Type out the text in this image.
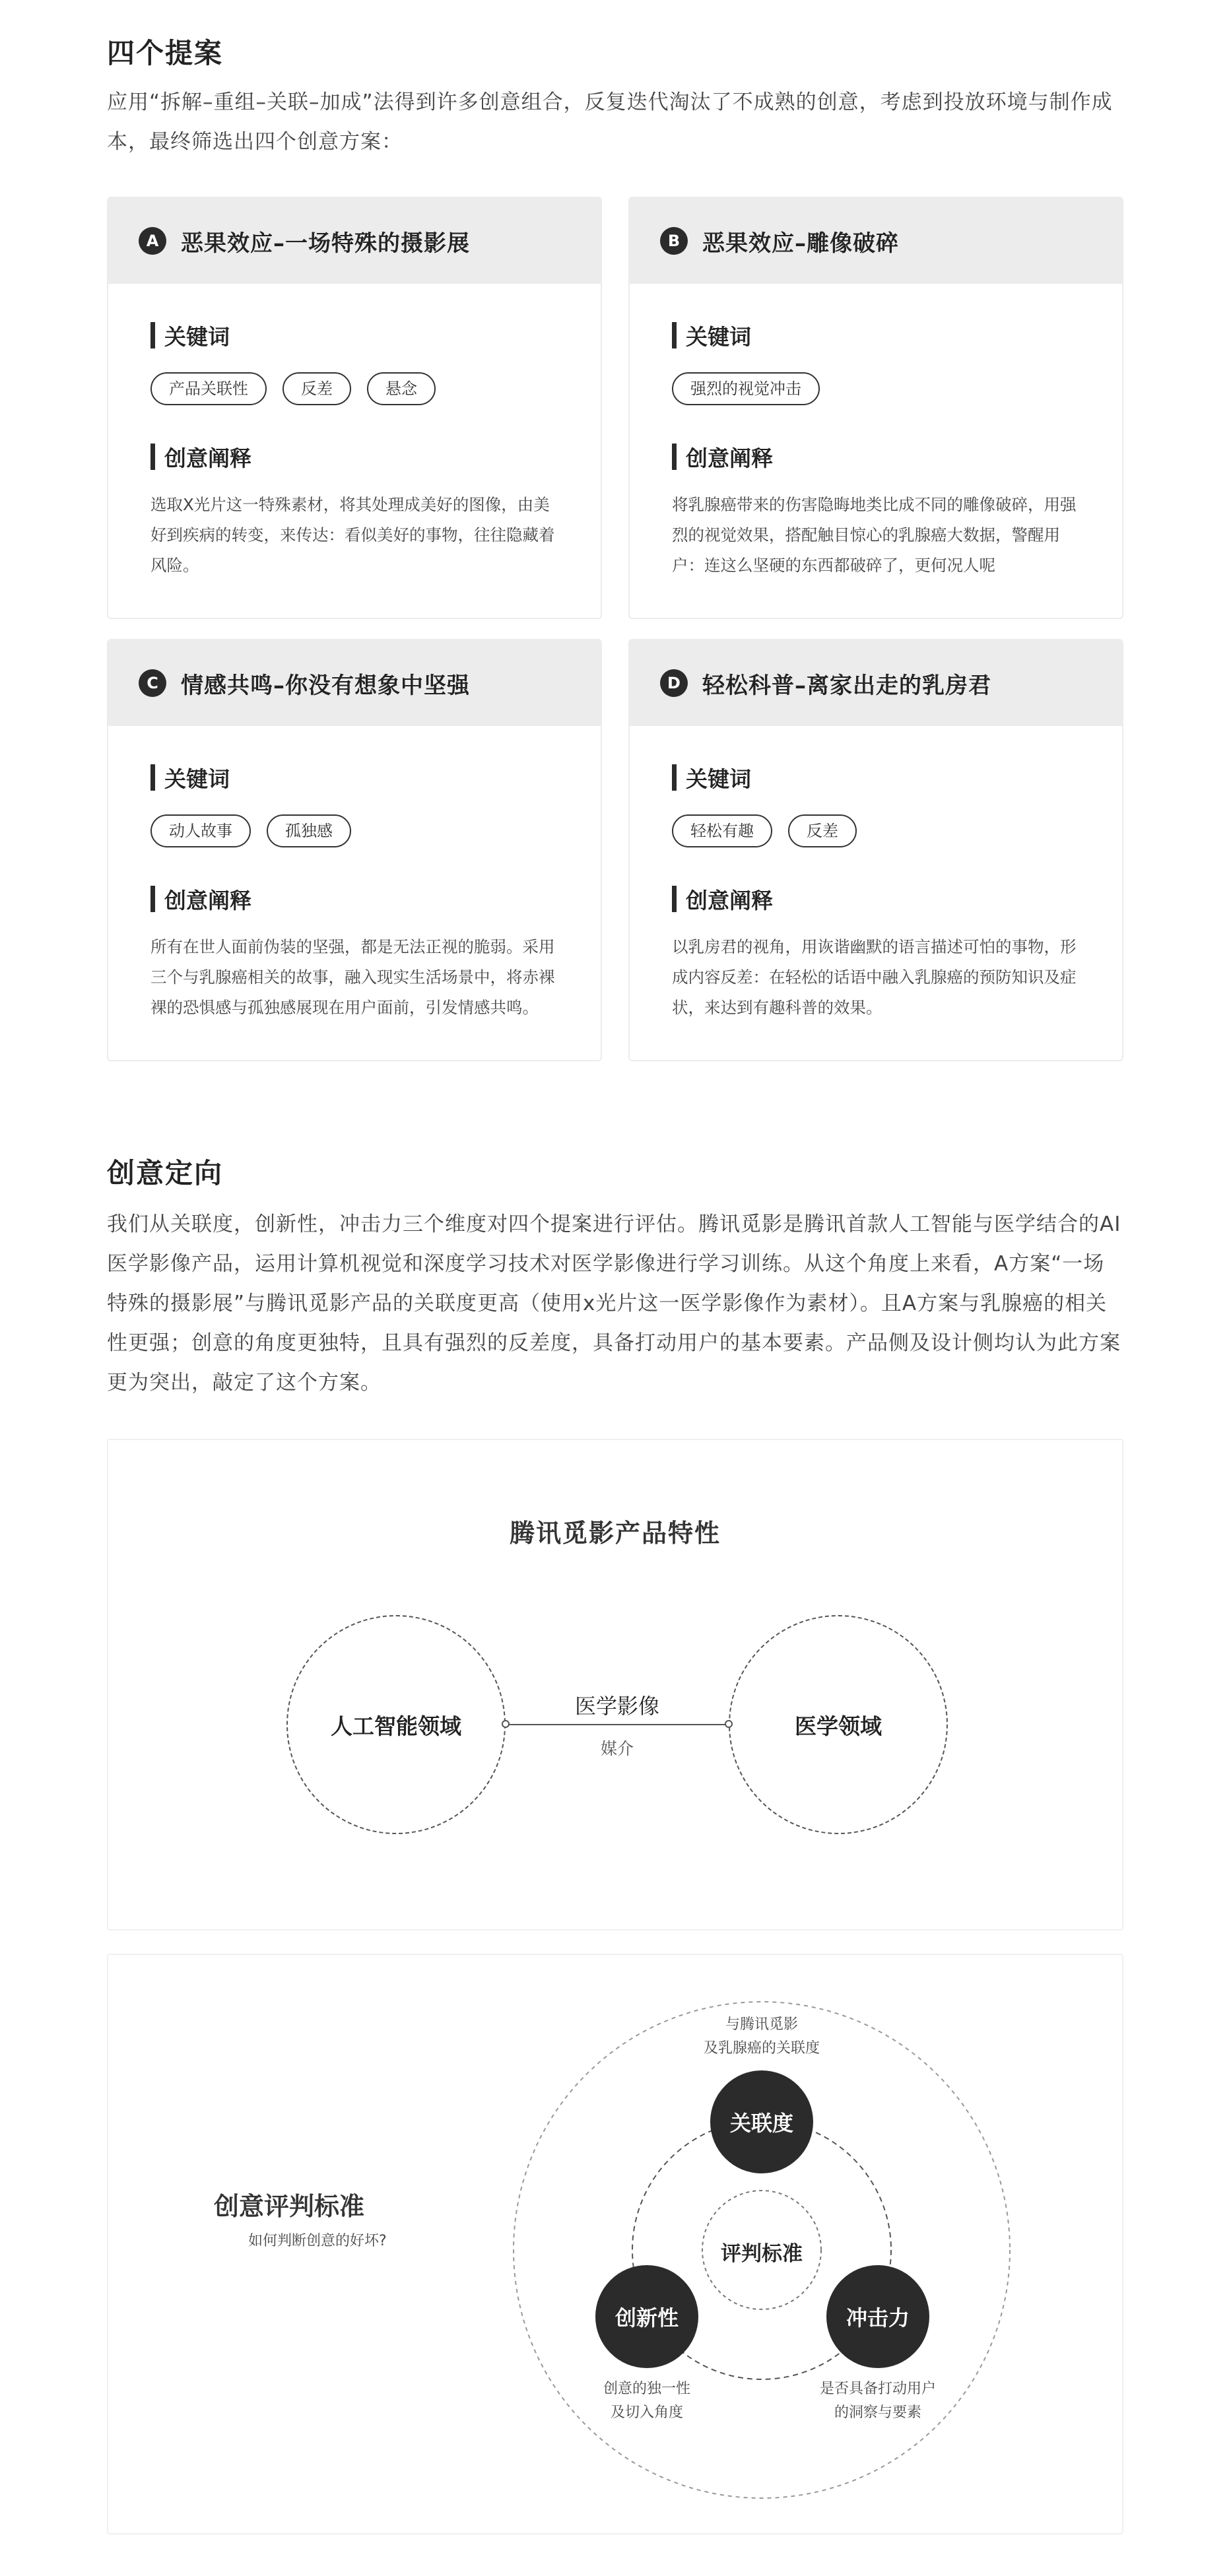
四个提案
应用“拆解–重组–关联–加成”法得到许多创意组合，反复迭代淘汰了不成熟的创意，考虑到投放环境与制作成本，最终筛选出四个创意方案：
A 恶果效应–一场特殊的摄影展
关键词
产品关联性	反差	悬念
创意阐释
选取X光片这一特殊素材，将其处理成美好的图像，由美好到疾病的转变，来传达：看似美好的事物，往往隐藏着风险。
B 恶果效应–雕像破碎
关键词
强烈的视觉冲击
创意阐释
将乳腺癌带来的伤害隐晦地类比成不同的雕像破碎，用强烈的视觉效果，搭配触目惊心的乳腺癌大数据，警醒用户：连这么坚硬的东西都破碎了，更何况人呢
C	情感共鸣–你没有想象中坚强
关键词
动人故事	孤独感
创意阐释
所有在世人面前伪装的坚强，都是无法正视的脆弱。采用三个与乳腺癌相关的故事，融入现实生活场景中，将赤裸裸的恐惧感与孤独感展现在用户面前，引发情感共鸣。
D 轻松科普–离家出走的乳房君
关键词
轻松有趣	反差
创意阐释
以乳房君的视角，用诙谐幽默的语言描述可怕的事物，形成内容反差：在轻松的话语中融入乳腺癌的预防知识及症状，来达到有趣科普的效果。
创意定向
我们从关联度，创新性，冲击力三个维度对四个提案进行评估。腾讯觅影是腾讯首款人工智能与医学结合的AI医学影像产品，运用计算机视觉和深度学习技术对医学影像进行学习训练。从这个角度上来看，A方案“一场特殊的摄影展”与腾讯觅影产品的关联度更高（使用x光片这一医学影像作为素材）。且A方案与乳腺癌的相关性更强；创意的角度更独特，且具有强烈的反差度，具备打动用户的基本要素。产品侧及设计侧均认为此方案更为突出，敲定了这个方案。
腾讯觅影产品特性
人工智能领域	医学领域
医学影像
媒介
创意评判标准
如何判断创意的好坏?
评判标准
关联度
创新性	冲击力
与腾讯觅影
及乳腺癌的关联度
创意的独一性
及切入角度
是否具备打动用户
的洞察与要素
